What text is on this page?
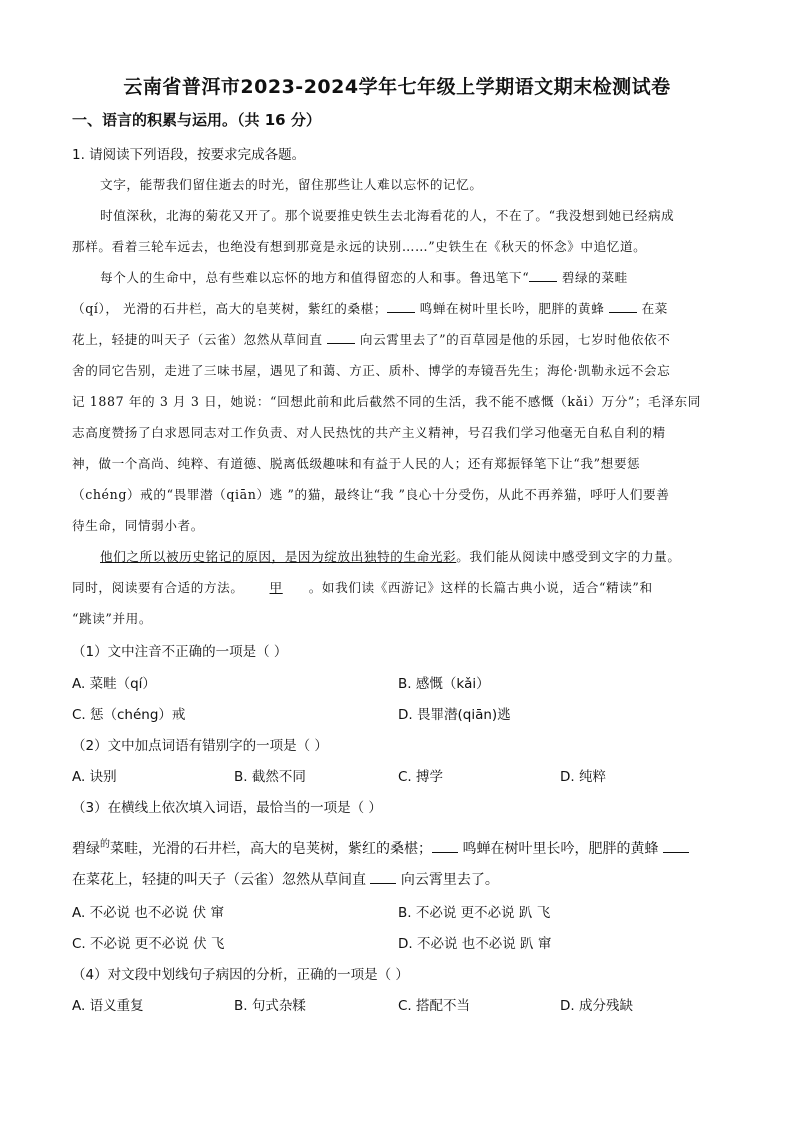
云南省普洱市2023-2024学年七年级上学期语文期末检测试卷
一、语言的积累与运用。（共 16 分）
1. 请阅读下列语段，按要求完成各题。
文字，能帮我们留住逝去的时光，留住那些让人难以忘怀的记忆。
时值深秋，北海的菊花又开了。那个说要推史铁生去北海看花的人，不在了。“我没想到她已经病成
那样。看着三轮车远去，也绝没有想到那竟是永远的诀别……”史铁生在《秋天的怀念》中追忆道。
每个人的生命中，总有些难以忘怀的地方和值得留恋的人和事。鲁迅笔下“	碧绿的菜畦
（qí）， 光滑的石井栏，高大的皂荚树，紫红的桑椹；	鸣蝉在树叶里长吟，肥胖的黄蜂	在菜
花上，轻捷的叫天子（云雀）忽然从草间直	向云霄里去了”的百草园是他的乐园，七岁时他依依不
舍的同它告别，走进了三味书屋，遇见了和蔼、方正、质朴、博学的寿镜吾先生；海伦·凯勒永远不会忘
记 1887 年的 3 月 3 日，她说：“回想此前和此后截然不同的生活，我不能不感慨（kǎi）万分”；毛泽东同
志高度赞扬了白求恩同志对工作负责、对人民热忱的共产主义精神，号召我们学习他毫无自私自利的精
神，做一个高尚、纯粹、有道德、脱离低级趣味和有益于人民的人；还有郑振铎笔下让“我”想要惩
（chéng）戒的“畏罪潜（qiān）逃 ”的猫，最终让“我 ”良心十分受伤，从此不再养猫，呼吁人们要善
待生命，同情弱小者。
他们之所以被历史铭记的原因，是因为绽放出独特的生命光彩。我们能从阅读中感受到文字的力量。
同时，阅读要有合适的方法。 甲 。如我们读《西游记》这样的长篇古典小说，适合“精读”和
“跳读”并用。
（1）文中注音不正确的一项是（ ）
A. 菜畦（qí）	B. 感慨（kǎi）
C. 惩（chéng）戒	D. 畏罪潜(qiān)逃
（2）文中加点词语有错别字的一项是（ ）
A. 诀别	B. 截然不同	C. 搏学	D. 纯粹
（3）在横线上依次填入词语，最恰当的一项是（ ）
碧绿$^的$菜畦，光滑的石井栏，高大的皂荚树，紫红的桑椹； 鸣蝉在树叶里长吟，肥胖的黄蜂
在菜花上，轻捷的叫天子（云雀）忽然从草间直 向云霄里去了。
A. 不必说 也不必说 伏 窜	B. 不必说 更不必说 趴 飞
C. 不必说 更不必说 伏 飞	D. 不必说 也不必说 趴 窜
（4）对文段中划线句子病因的分析，正确的一项是（ ）
A. 语义重复	B. 句式杂糅	C. 搭配不当	D. 成分残缺
